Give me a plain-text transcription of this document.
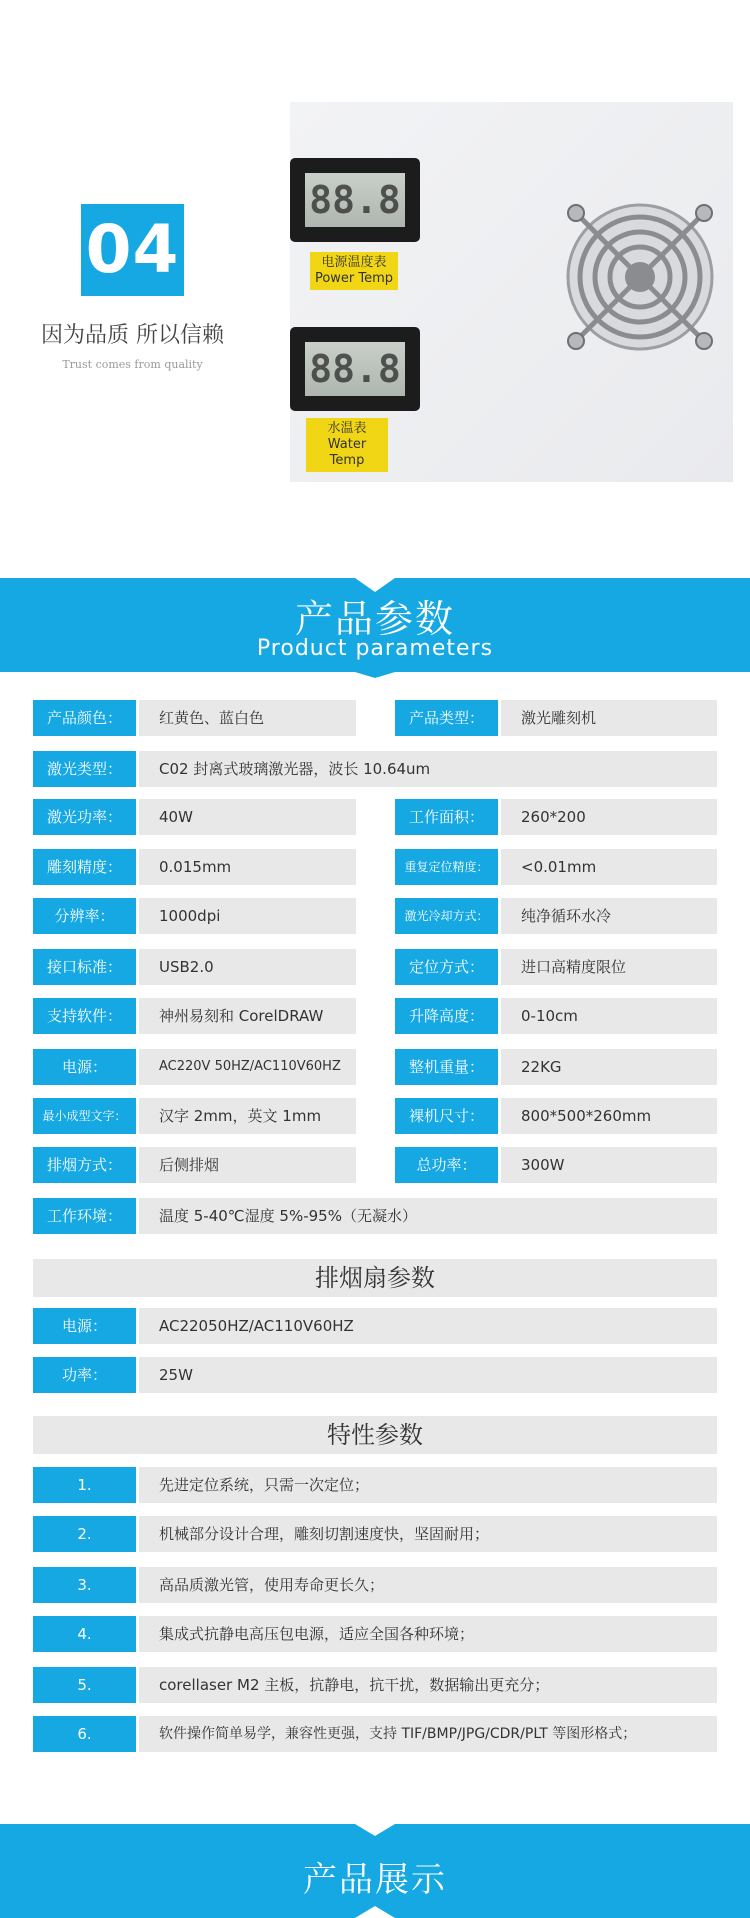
04
因为品质 所以信赖
Trust comes from quality
88.8
电源温度表
Power Temp
88.8
水温表
Water Temp
产品参数
Product parameters
产品颜色：	红黄色、蓝白色	产品类型：	激光雕刻机
激光类型：	C02 封离式玻璃激光器，波长 10.64um
激光功率：	40W	工作面积：	260*200
雕刻精度：	0.015mm	重复定位精度：	<0.01mm
分辨率：	1000dpi	激光冷却方式：	纯净循环水冷
接口标准：	USB2.0	定位方式：	进口高精度限位
支持软件：	神州易刻和 CorelDRAW	升降高度：	0-10cm
电源：	AC220V 50HZ/AC110V60HZ	整机重量：	22KG
最小成型文字：	汉字 2mm，英文 1mm	裸机尺寸：	800*500*260mm
排烟方式：	后侧排烟	总功率：	300W
工作环境：	温度 5-40℃湿度 5%-95%（无凝水）
排烟扇参数
电源：	AC22050HZ/AC110V60HZ
功率：	25W
特性参数
1.	先进定位系统，只需一次定位；
2.	机械部分设计合理，雕刻切割速度快，坚固耐用；
3.	高品质激光管，使用寿命更长久；
4.	集成式抗静电高压包电源，适应全国各种环境；
5.	corellaser M2 主板，抗静电，抗干扰，数据输出更充分；
6.	软件操作简单易学，兼容性更强，支持 TIF/BMP/JPG/CDR/PLT 等图形格式；
产品展示
